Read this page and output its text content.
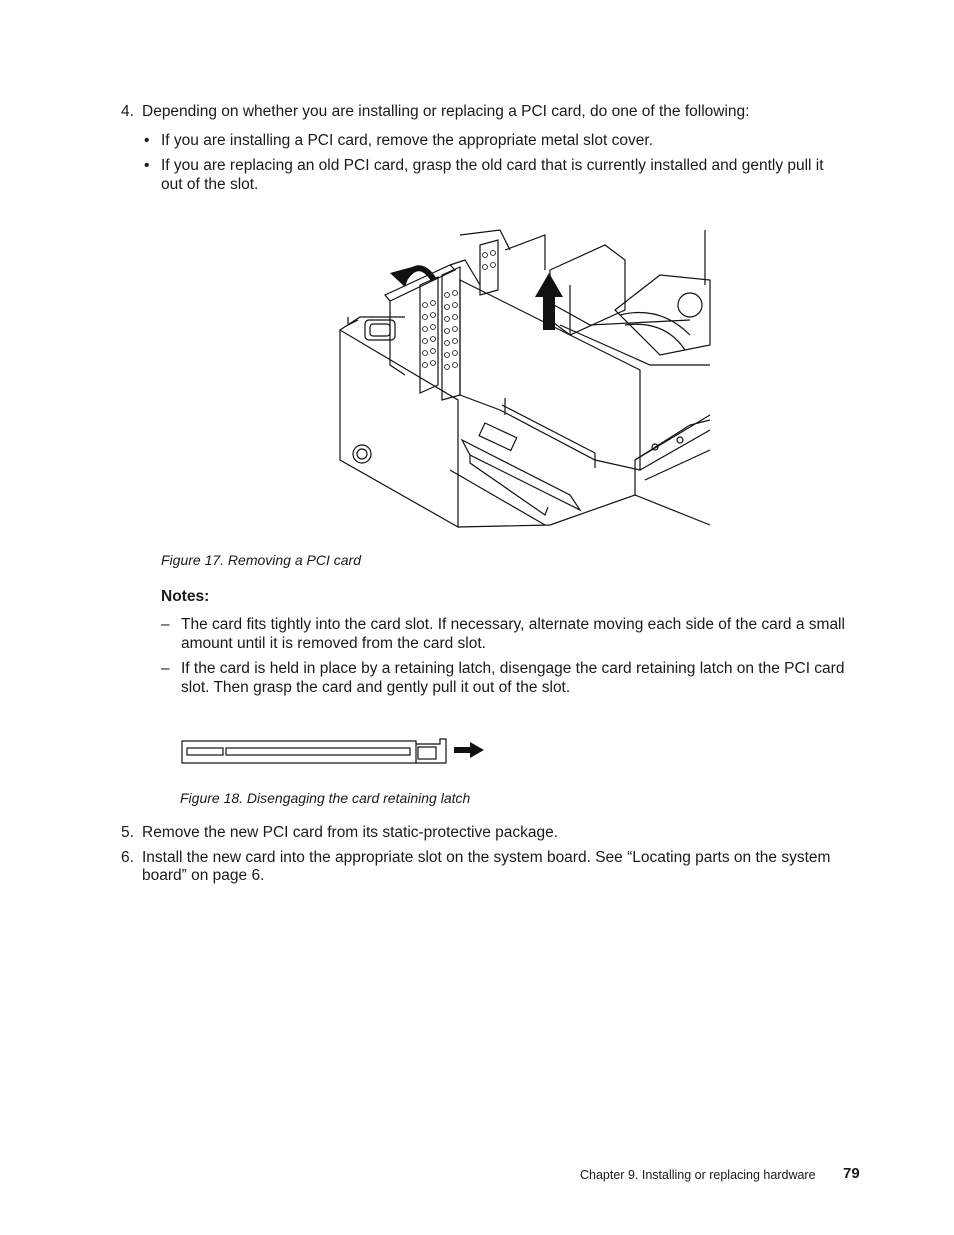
4. Depending on whether you are installing or replacing a PCI card, do one of the following:
• If you are installing a PCI card, remove the appropriate metal slot cover.
• If you are replacing an old PCI card, grasp the old card that is currently installed and gently pull it
out of the slot.
Figure 17. Removing a PCI card
Notes:
– The card fits tightly into the card slot. If necessary, alternate moving each side of the card a small
amount until it is removed from the card slot.
– If the card is held in place by a retaining latch, disengage the card retaining latch on the PCI card
slot. Then grasp the card and gently pull it out of the slot.
Figure 18. Disengaging the card retaining latch
5. Remove the new PCI card from its static-protective package.
6. Install the new card into the appropriate slot on the system board. See “Locating parts on the system
board” on page 6.
Chapter 9. Installing or replacing hardware 79
